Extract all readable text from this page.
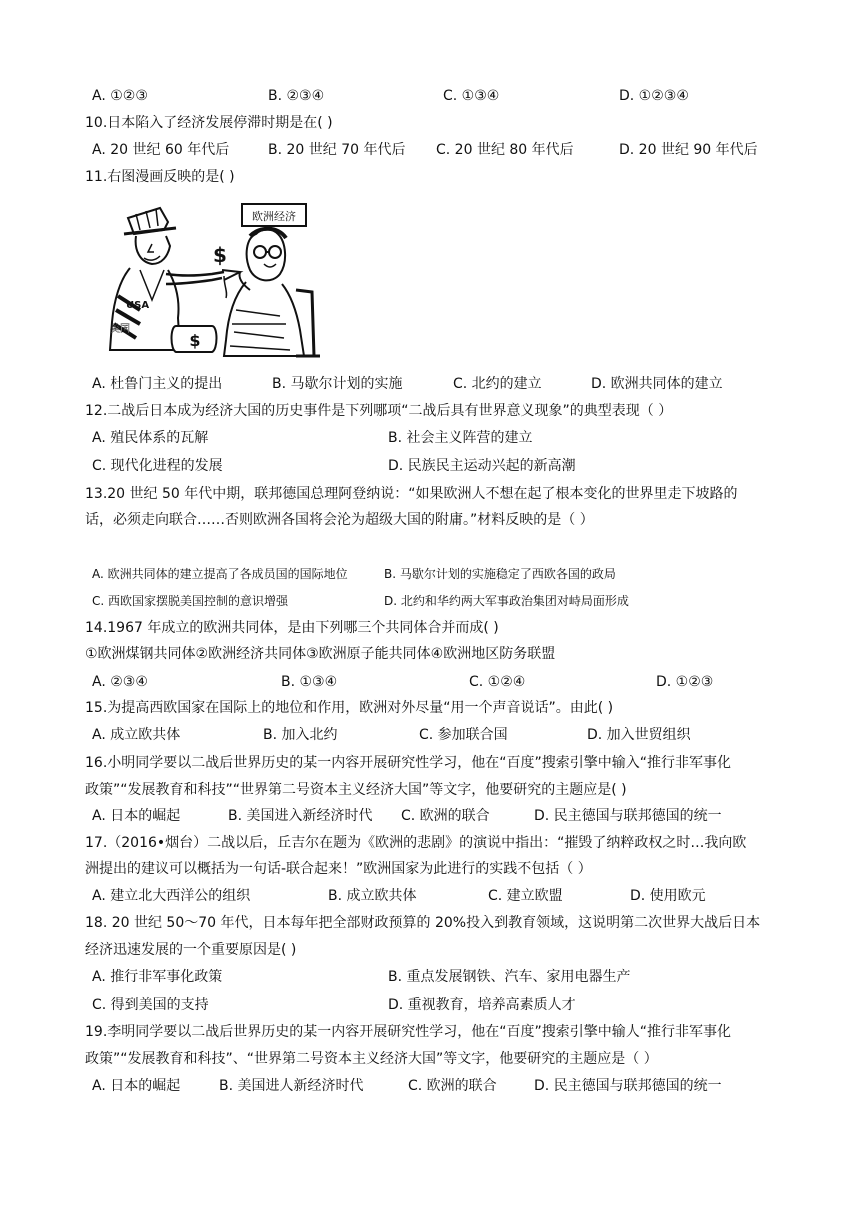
A. ①②③	B. ②③④	C. ①③④	D. ①②③④
10.日本陷入了经济发展停滞时期是在( )
A. 20 世纪 60 年代后	B. 20 世纪 70 年代后 C. 20 世纪 80 年代后	D. 20 世纪 90 年代后
11.右图漫画反映的是( )
欧洲经济
$
$
USA
美国
A. 杜鲁门主义的提出	B. 马歇尔计划的实施	C. 北约的建立	D. 欧洲共同体的建立
12.二战后日本成为经济大国的历史事件是下列哪项“二战后具有世界意义现象”的典型表现（ ）
A. 殖民体系的瓦解	B. 社会主义阵营的建立
C. 现代化进程的发展	D. 民族民主运动兴起的新高潮
13.20 世纪 50 年代中期，联邦德国总理阿登纳说：“如果欧洲人不想在起了根本变化的世界里走下坡路的
话，必须走向联合……否则欧洲各国将会沦为超级大国的附庸。”材料反映的是（ ）
A. 欧洲共同体的建立提高了各成员国的国际地位	B. 马歇尔计划的实施稳定了西欧各国的政局
C. 西欧国家摆脱美国控制的意识增强	D. 北约和华约两大军事政治集团对峙局面形成
14.1967 年成立的欧洲共同体，是由下列哪三个共同体合并而成( )
①欧洲煤钢共同体②欧洲经济共同体③欧洲原子能共同体④欧洲地区防务联盟
A. ②③④	B. ①③④	C. ①②④	D. ①②③
15.为提高西欧国家在国际上的地位和作用，欧洲对外尽量“用一个声音说话”。由此( )
A. 成立欧共体	B. 加入北约	C. 参加联合国	D. 加入世贸组织
16.小明同学要以二战后世界历史的某一内容开展研究性学习，他在“百度”搜索引擎中输入“推行非军事化
政策”“发展教育和科技”“世界第二号资本主义经济大国”等文字，他要研究的主题应是( )
A. 日本的崛起	B. 美国进入新经济时代 C. 欧洲的联合	D. 民主德国与联邦德国的统一
17.（2016•烟台）二战以后，丘吉尔在题为《欧洲的悲剧》的演说中指出：“摧毁了纳粹政权之时…我向欧
洲提出的建议可以概括为一句话-联合起来！”欧洲国家为此进行的实践不包括（ ）
A. 建立北大西洋公的组织	B. 成立欧共体	C. 建立欧盟	D. 使用欧元
18. 20 世纪 50～70 年代，日本每年把全部财政预算的 20%投入到教育领域，这说明第二次世界大战后日本
经济迅速发展的一个重要原因是( )
A. 推行非军事化政策	B. 重点发展钢铁、汽车、家用电器生产
C. 得到美国的支持	D. 重视教育，培养高素质人才
19.李明同学要以二战后世界历史的某一内容开展研究性学习，他在“百度”搜索引擎中输人“推行非军事化
政策”“发展教育和科技”、“世界第二号资本主义经济大国”等文字，他要研究的主题应是（ ）
A. 日本的崛起	B. 美国进人新经济时代	C. 欧洲的联合	D. 民主德国与联邦德国的统一
